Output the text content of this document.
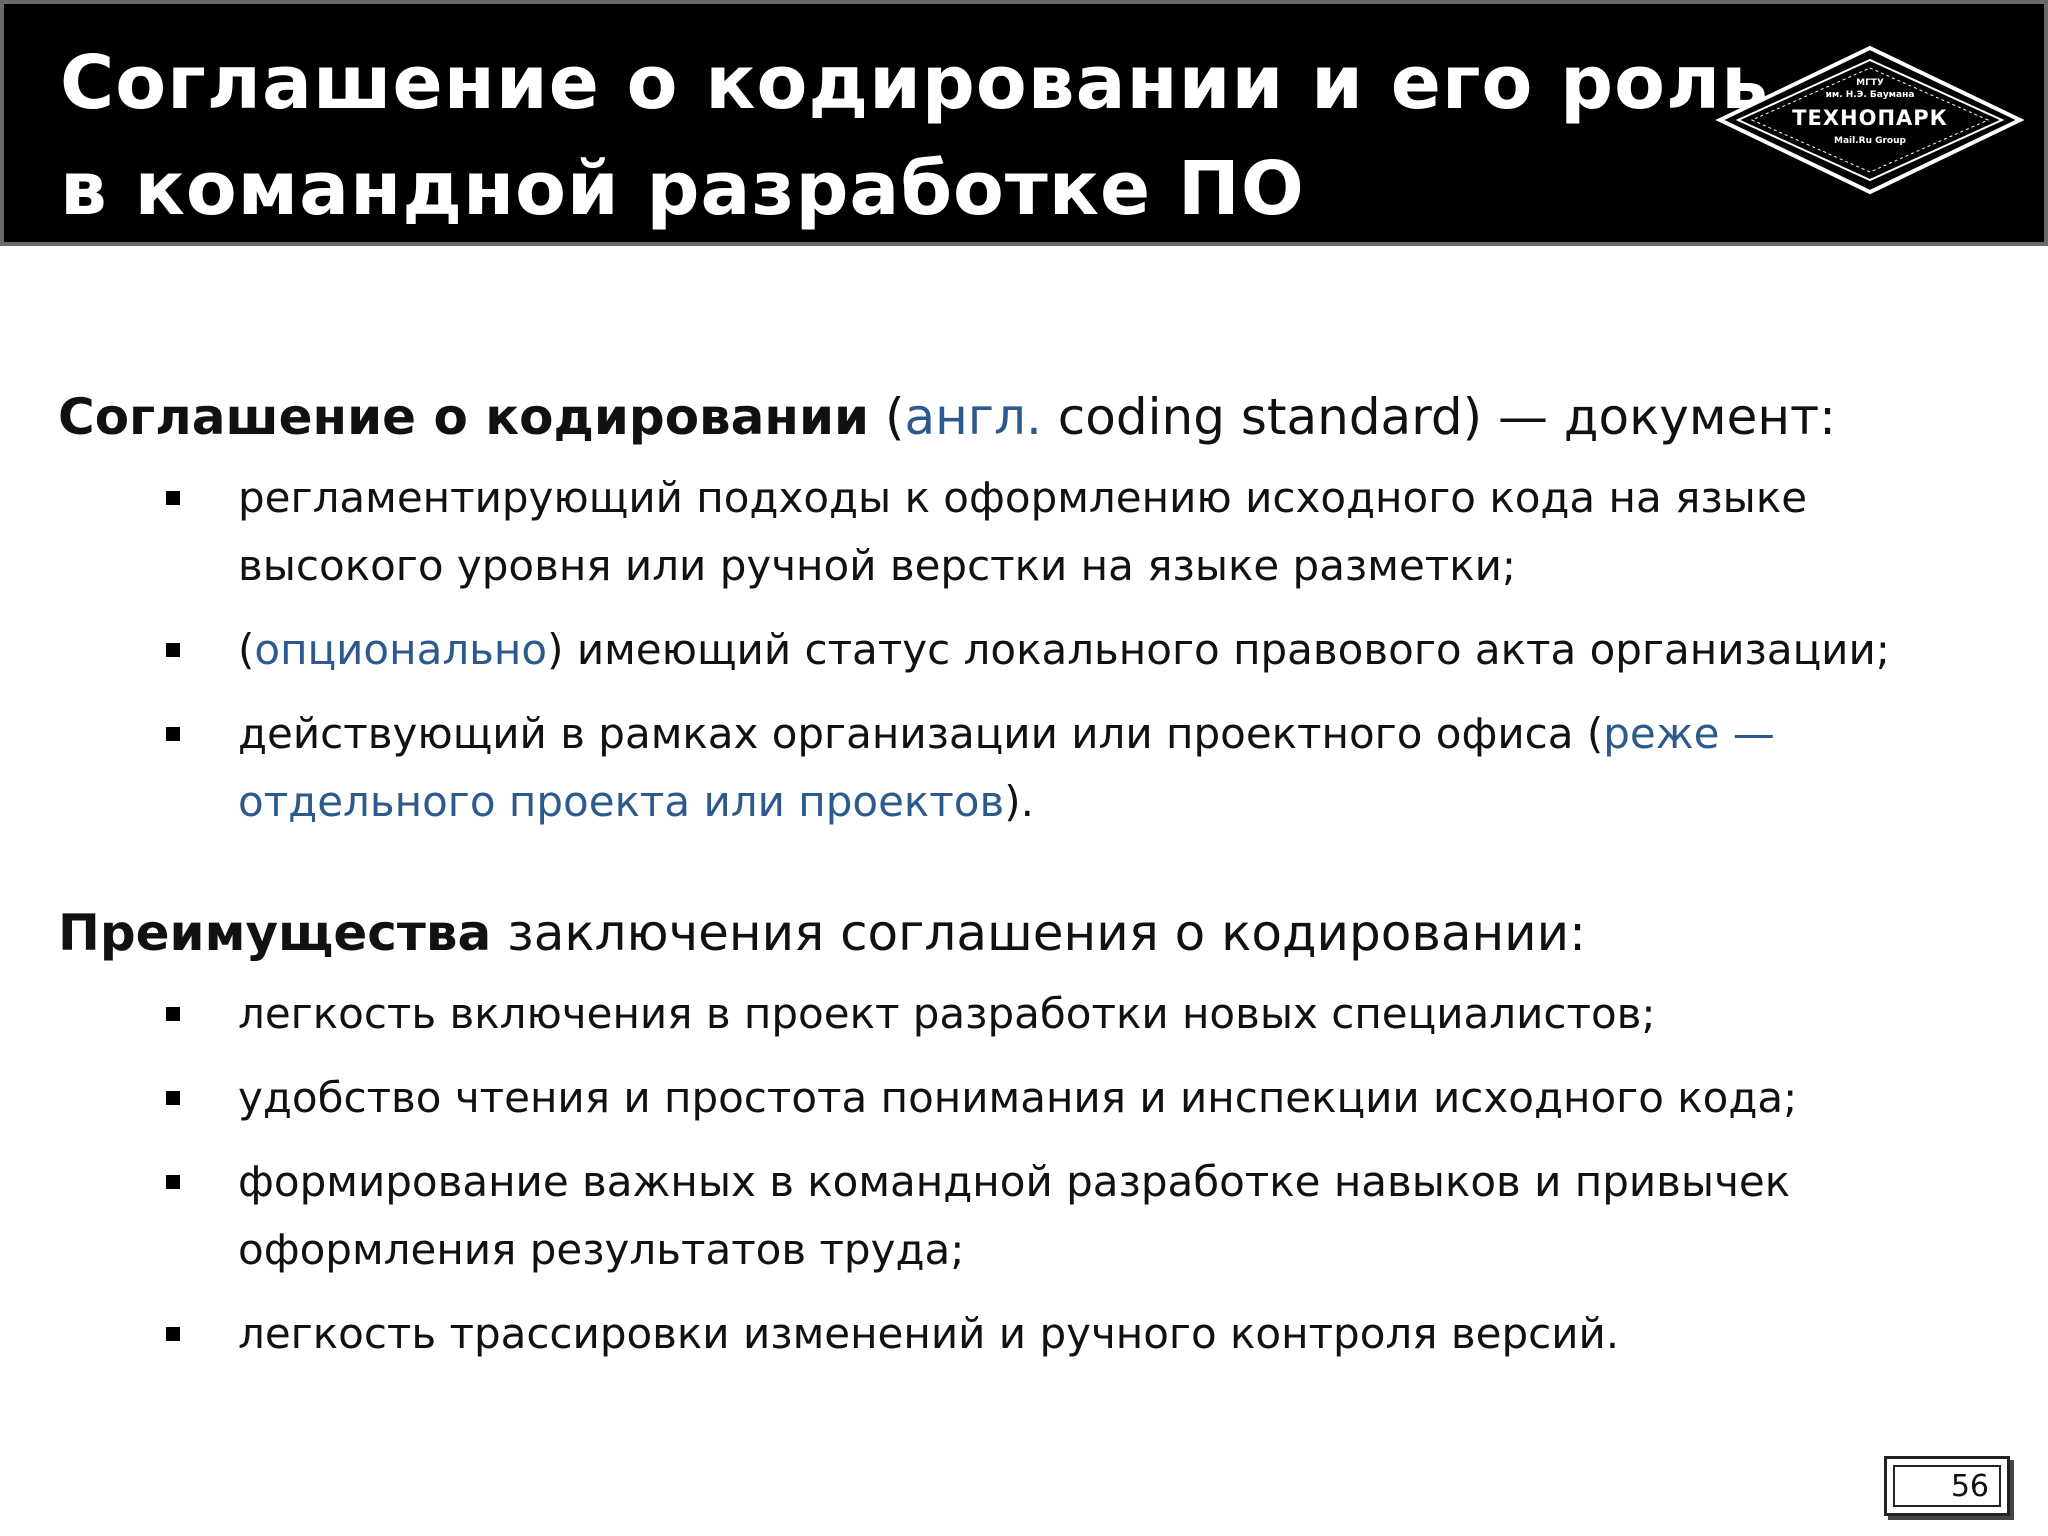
Соглашение о кодировании и его роль
в командной разработке ПО
МГТУ
им. Н.Э. Баумана
ТЕХНОПАРК
Mail.Ru Group

Соглашение о кодировании (англ. coding standard) — документ:

регламентирующий подходы к оформлению исходного кода на языке высокого уровня или ручной верстки на языке разметки;
(опционально) имеющий статус локального правового акта организации;
действующий в рамках организации или проектного офиса (реже — отдельного проекта или проектов).

Преимущества заключения соглашения о кодировании:

легкость включения в проект разработки новых специалистов;
удобство чтения и простота понимания и инспекции исходного кода;
формирование важных в командной разработке навыков и привычек оформления результатов труда;
легкость трассировки изменений и ручного контроля версий.
56
